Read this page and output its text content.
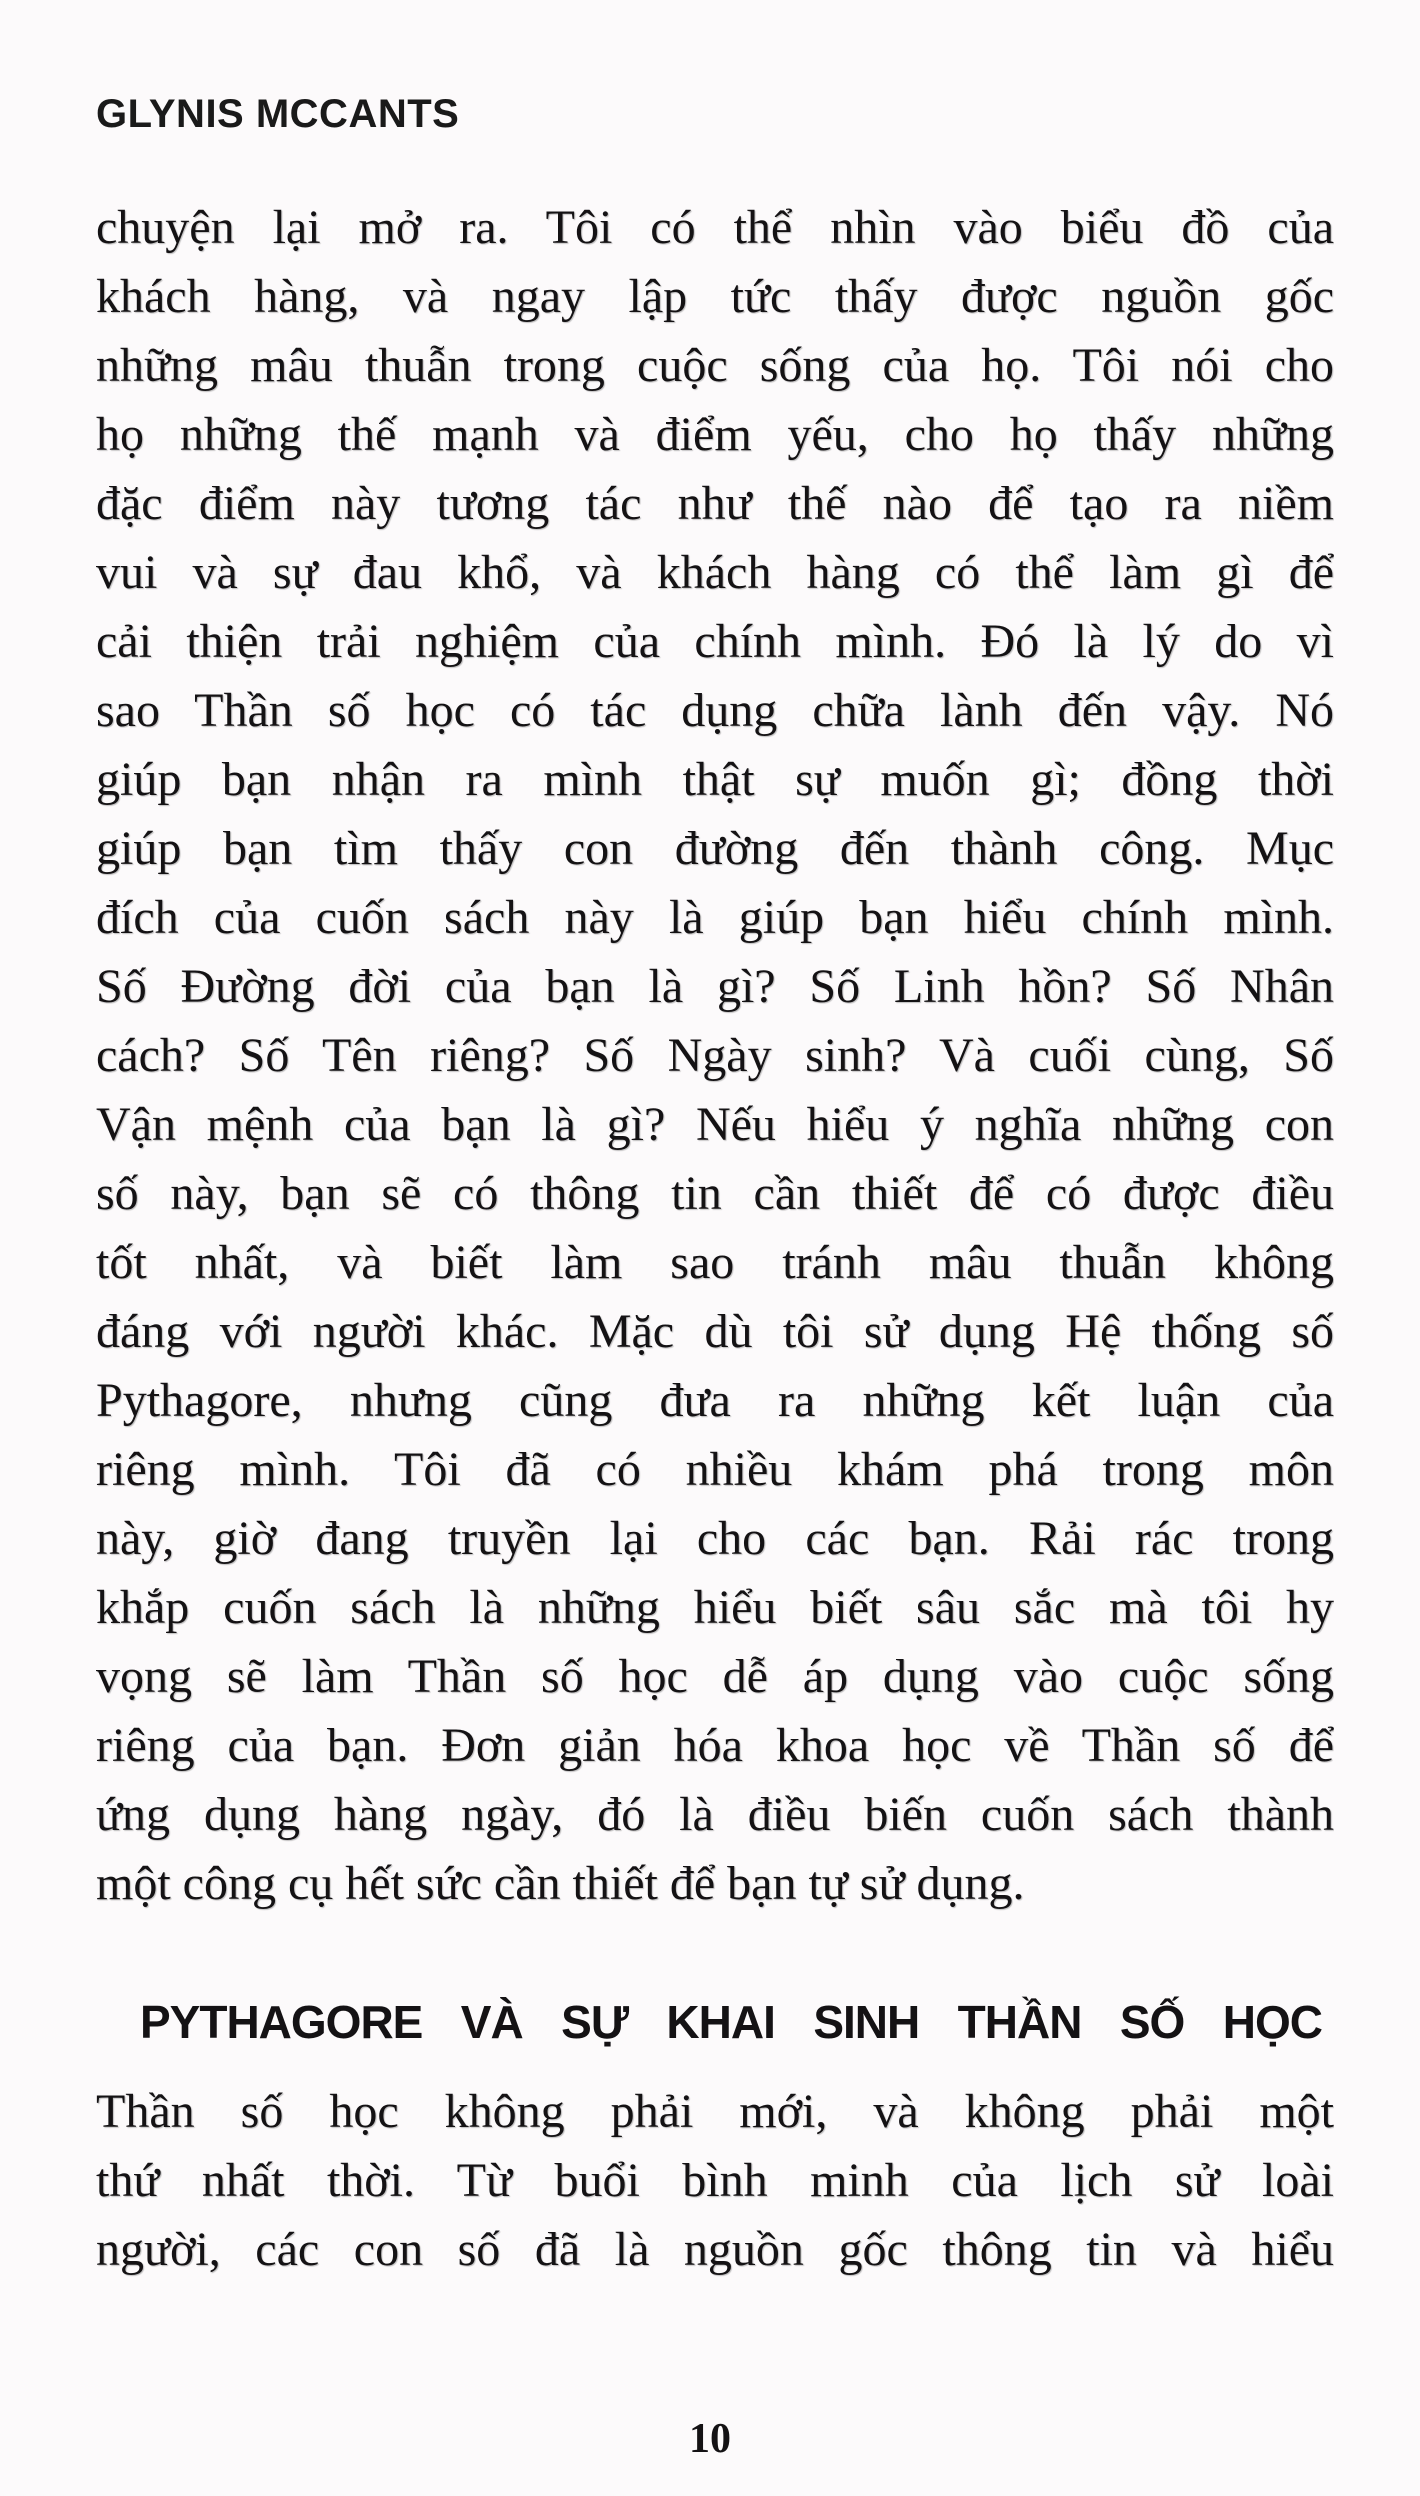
GLYNIS MCCANTS
chuyện lại mở ra. Tôi có thể nhìn vào biểu đồ của
khách hàng, và ngay lập tức thấy được nguồn gốc
những mâu thuẫn trong cuộc sống của họ. Tôi nói cho
họ những thế mạnh và điểm yếu, cho họ thấy những
đặc điểm này tương tác như thế nào để tạo ra niềm
vui và sự đau khổ, và khách hàng có thể làm gì để
cải thiện trải nghiệm của chính mình. Đó là lý do vì
sao Thần số học có tác dụng chữa lành đến vậy. Nó
giúp bạn nhận ra mình thật sự muốn gì; đồng thời
giúp bạn tìm thấy con đường đến thành công. Mục
đích của cuốn sách này là giúp bạn hiểu chính mình.
Số Đường đời của bạn là gì? Số Linh hồn? Số Nhân
cách? Số Tên riêng? Số Ngày sinh? Và cuối cùng, Số
Vận mệnh của bạn là gì? Nếu hiểu ý nghĩa những con
số này, bạn sẽ có thông tin cần thiết để có được điều
tốt nhất, và biết làm sao tránh mâu thuẫn không
đáng với người khác. Mặc dù tôi sử dụng Hệ thống số
Pythagore, nhưng cũng đưa ra những kết luận của
riêng mình. Tôi đã có nhiều khám phá trong môn
này, giờ đang truyền lại cho các bạn. Rải rác trong
khắp cuốn sách là những hiểu biết sâu sắc mà tôi hy
vọng sẽ làm Thần số học dễ áp dụng vào cuộc sống
riêng của bạn. Đơn giản hóa khoa học về Thần số để
ứng dụng hàng ngày, đó là điều biến cuốn sách thành
một công cụ hết sức cần thiết để bạn tự sử dụng.
PYTHAGORE VÀ SỰ KHAI SINH THẦN SỐ HỌC
Thần số học không phải mới, và không phải một
thứ nhất thời. Từ buổi bình minh của lịch sử loài
người, các con số đã là nguồn gốc thông tin và hiểu
10
